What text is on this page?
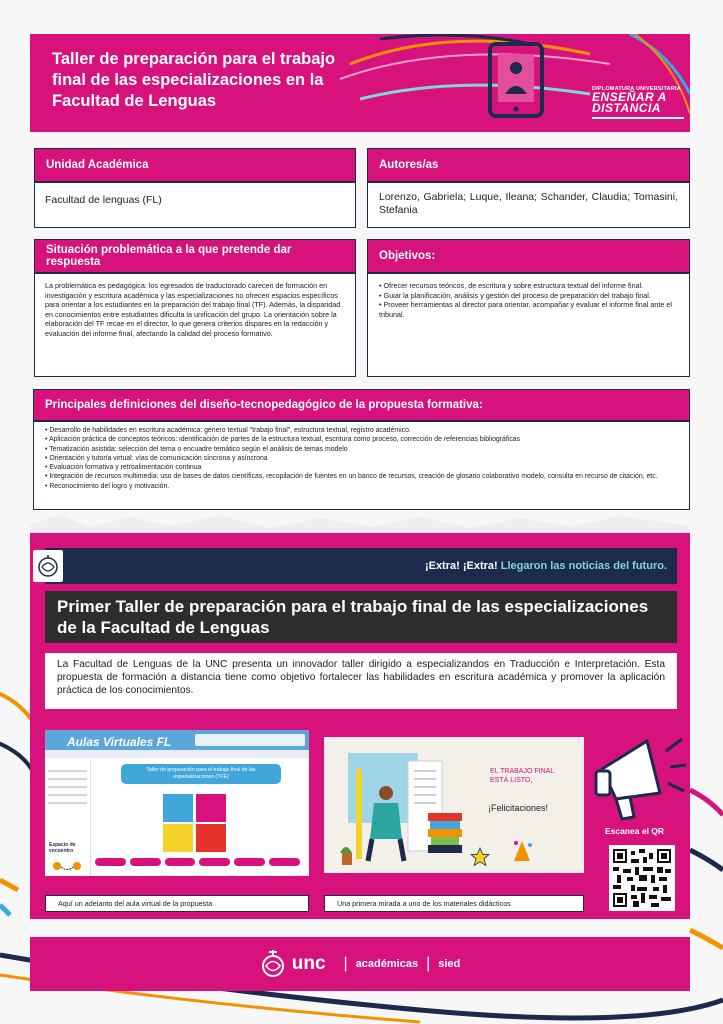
Taller de preparación para el trabajo final de las especializaciones en la Facultad de Lenguas
DIPLOMATURA UNIVERSITARIA
ENSEÑAR A
DISTANCIA
Unidad Académica
Facultad de lenguas (FL)
Autores/as
Lorenzo, Gabriela; Luque, Ileana; Schander, Claudia; Tomasini, Stefania
Situación problemática a la que pretende dar respuesta
La problemática es pedagógica: los egresados de traductorado carecen de formación en investigación y escritura académica y las especializaciones no ofrecen espacios específicos para orientar a los estudiantes en la preparación del trabajo final (TF). Además, la disparidad en conocimientos entre estudiantes dificulta la unificación del grupo. La orientación sobre la elaboración del TF recae en el director, lo que genera criterios dispares en la redacción y evaluación del informe final, afectando la calidad del proceso formativo.
Objetivos:
• Ofrecer recursos teóricos, de escritura y sobre estructura textual del informe final.
• Guiar la planificación, análisis y gestión del proceso de preparación del trabajo final.
• Proveer herramientas al director para orientar, acompañar y evaluar el informe final ante el tribunal.
Principales definiciones del diseño-tecnopedagógico de la propuesta formativa:
• Desarrollo de habilidades en escritura académica: género textual "trabajo final", estructura textual, registro académico.
• Aplicación práctica de conceptos teóricos: identificación de partes de la estructura textual, escritura como proceso, corrección de referencias bibliográficas
• Tematización asistida: selección del tema o encuadre temático según el análisis de temas modelo
• Orientación y tutoría virtual: vías de comunicación síncrona y asíncrona
• Evaluación formativa y retroalimentación continua
• Integración de recursos multimedia: uso de bases de datos científicas, recopilación de fuentes en un banco de recursos, creación de glosario colaborativo modelo, consulta en recurso de citación, etc.
• Reconocimiento del logro y motivación.
¡Extra! ¡Extra! Llegaron las noticias del futuro.
Primer Taller de preparación para el trabajo final de las especializaciones de la Facultad de Lenguas
La Facultad de Lenguas de la UNC presenta un innovador taller dirigido a especializandos en Traducción e Interpretación. Esta propuesta de formación a distancia tiene como objetivo fortalecer las habilidades en escritura académica y promover la aplicación práctica de los conocimientos.
Aulas Virtuales FL
Espacio de encuentro
Taller de preparación para el trabajo final de las especializaciones (TFE)
Aquí un adelanto del aula virtual de la propuesta
EL TRABAJO FINAL
ESTÁ LISTO,
¡Felicitaciones!
Una primera mirada a uno de los materiales didácticos
Escanea el QR
unc | académicas | sied
